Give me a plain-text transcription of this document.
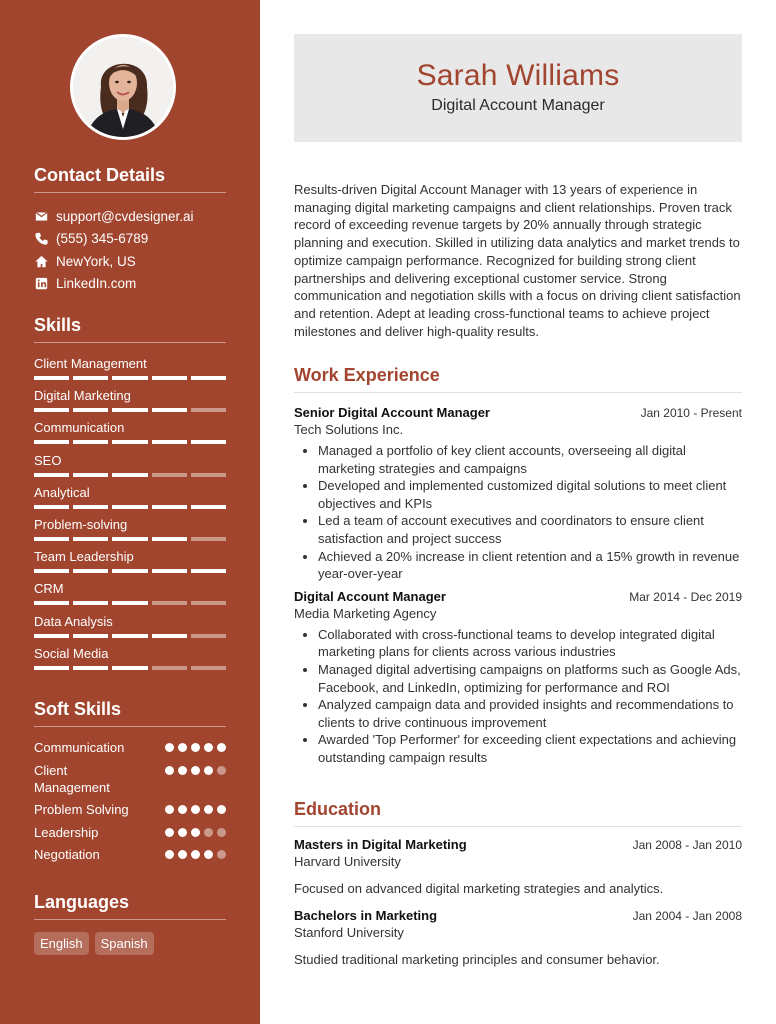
Contact Details
support@cvdesigner.ai
(555) 345-6789
NewYork, US
LinkedIn.com
Skills
Client Management
Digital Marketing
Communication
SEO
Analytical
Problem-solving
Team Leadership
CRM
Data Analysis
Social Media
Soft Skills
Communication
Client Management
Problem Solving
Leadership
Negotiation
Languages
English	Spanish
Sarah Williams
Digital Account Manager

Results-driven Digital Account Manager with 13 years of experience in managing digital marketing campaigns and client relationships. Proven track record of exceeding revenue targets by 20% annually through strategic planning and execution. Skilled in utilizing data analytics and market trends to optimize campaign performance. Recognized for building strong client partnerships and delivering exceptional customer service. Strong communication and negotiation skills with a focus on driving client satisfaction and retention. Adept at leading cross-functional teams to achieve project milestones and deliver high-quality results.

Work Experience
Senior Digital Account Manager	Jan 2010 - Present
Tech Solutions Inc.
• Managed a portfolio of key client accounts, overseeing all digital marketing strategies and campaigns
• Developed and implemented customized digital solutions to meet client objectives and KPIs
• Led a team of account executives and coordinators to ensure client satisfaction and project success
• Achieved a 20% increase in client retention and a 15% growth in revenue year-over-year
Digital Account Manager	Mar 2014 - Dec 2019
Media Marketing Agency
• Collaborated with cross-functional teams to develop integrated digital marketing plans for clients across various industries
• Managed digital advertising campaigns on platforms such as Google Ads, Facebook, and LinkedIn, optimizing for performance and ROI
• Analyzed campaign data and provided insights and recommendations to clients to drive continuous improvement
• Awarded 'Top Performer' for exceeding client expectations and achieving outstanding campaign results
Education
Masters in Digital Marketing	Jan 2008 - Jan 2010
Harvard University
Focused on advanced digital marketing strategies and analytics.
Bachelors in Marketing	Jan 2004 - Jan 2008
Stanford University
Studied traditional marketing principles and consumer behavior.
